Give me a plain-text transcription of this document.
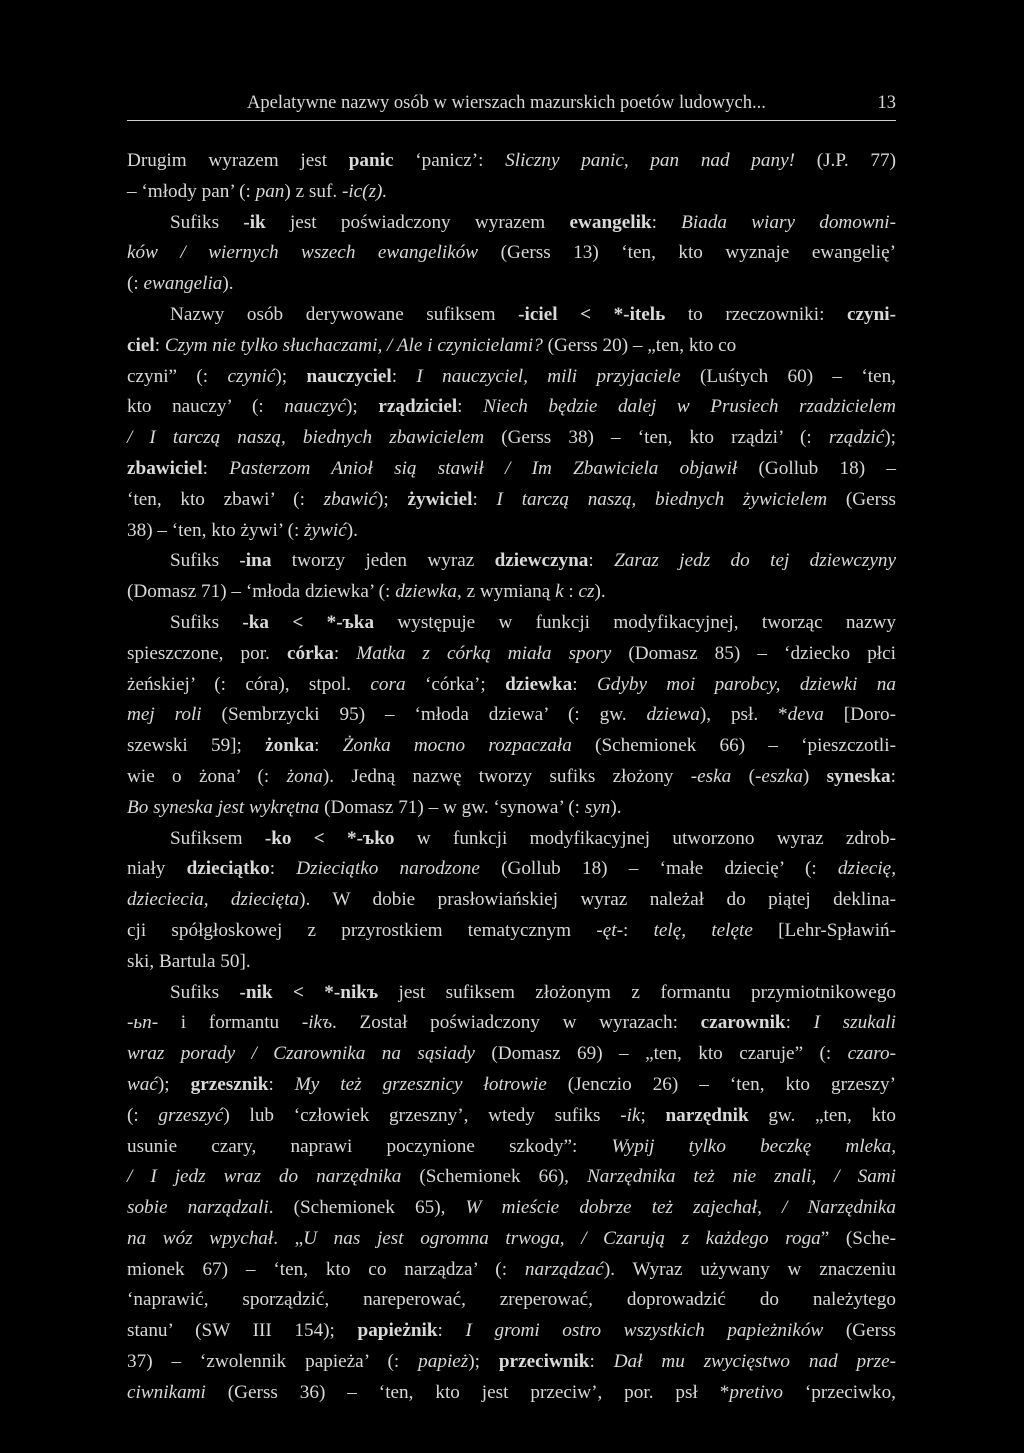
Apelatywne nazwy osób w wierszach mazurskich poetów ludowych...	13
Drugim wyrazem jest panic ‘panicz’: Sliczny panic, pan nad pany! (J.P. 77)
– ‘młody pan’ (: pan) z suf. -ic(z).
Sufiks -ik jest poświadczony wyrazem ewangelik: Biada wiary domowni-
ków / wiernych wszech ewangelików (Gerss 13) ‘ten, kto wyznaje ewangelię’
(: ewangelia).
Nazwy osób derywowane sufiksem -iciel < *-itelь to rzeczowniki: czyni-
ciel: Czym nie tylko słuchaczami, / Ale i czynicielami? (Gerss 20) – „ten, kto co
czyni” (: czynić); nauczyciel: I nauczyciel, mili przyjaciele (Luśtych 60) – ‘ten,
kto nauczy’ (: nauczyć); rządziciel: Niech będzie dalej w Prusiech rzadzicielem
/ I tarczą naszą, biednych zbawicielem (Gerss 38) – ‘ten, kto rządzi’ (: rządzić);
zbawiciel: Pasterzom Anioł sią stawił / Im Zbawiciela objawił (Gollub 18) –
‘ten, kto zbawi’ (: zbawić); żywiciel: I tarczą naszą, biednych żywicielem (Gerss
38) – ‘ten, kto żywi’ (: żywić).
Sufiks -ina tworzy jeden wyraz dziewczyna: Zaraz jedz do tej dziewczyny
(Domasz 71) – ‘młoda dziewka’ (: dziewka, z wymianą k : cz).
Sufiks -ka < *-ъka występuje w funkcji modyfikacyjnej, tworząc nazwy
spieszczone, por. córka: Matka z córką miała spory (Domasz 85) – ‘dziecko płci
żeńskiej’ (: córa), stpol. cora ‘córka’; dziewka: Gdyby moi parobcy, dziewki na
mej roli (Sembrzycki 95) – ‘młoda dziewa’ (: gw. dziewa), psł. *deva [Doro-
szewski 59]; żonka: Żonka mocno rozpaczała (Schemionek 66) – ‘pieszczotli-
wie o żona’ (: żona). Jedną nazwę tworzy sufiks złożony -eska (-eszka) syneska:
Bo syneska jest wykrętna (Domasz 71) – w gw. ‘synowa’ (: syn).
Sufiksem -ko < *-ъko w funkcji modyfikacyjnej utworzono wyraz zdrob-
niały dzieciątko: Dzieciątko narodzone (Gollub 18) – ‘małe dziecię’ (: dziecię,
dzieciecia, dziecięta). W dobie prasłowiańskiej wyraz należał do piątej deklina-
cji spółgłoskowej z przyrostkiem tematycznym -ęt-: telę, telęte [Lehr-Spławiń-
ski, Bartula 50].
Sufiks -nik < *-nikъ jest sufiksem złożonym z formantu przymiotnikowego
-ьn- i formantu -ikъ. Został poświadczony w wyrazach: czarownik: I szukali
wraz porady / Czarownika na sąsiady (Domasz 69) – „ten, kto czaruje” (: czaro-
wać); grzesznik: My też grzesznicy łotrowie (Jenczio 26) – ‘ten, kto grzeszy’
(: grzeszyć) lub ‘człowiek grzeszny’, wtedy sufiks -ik; narzędnik gw. „ten, kto
usunie czary, naprawi poczynione szkody”: Wypij tylko beczkę mleka,
/ I jedz wraz do narzędnika (Schemionek 66), Narzędnika też nie znali, / Sami
sobie narządzali. (Schemionek 65), W mieście dobrze też zajechał, / Narzędnika
na wóz wpychał. „U nas jest ogromna trwoga, / Czarują z każdego roga” (Sche-
mionek 67) – ‘ten, kto co narządza’ (: narządzać). Wyraz używany w znaczeniu
‘naprawić, sporządzić, nareperować, zreperować, doprowadzić do należytego
stanu’ (SW III 154); papieżnik: I gromi ostro wszystkich papieżników (Gerss
37) – ‘zwolennik papieża’ (: papież); przeciwnik: Dał mu zwycięstwo nad prze-
ciwnikami (Gerss 36) – ‘ten, kto jest przeciw’, por. psł *pretivo ‘przeciwko,
